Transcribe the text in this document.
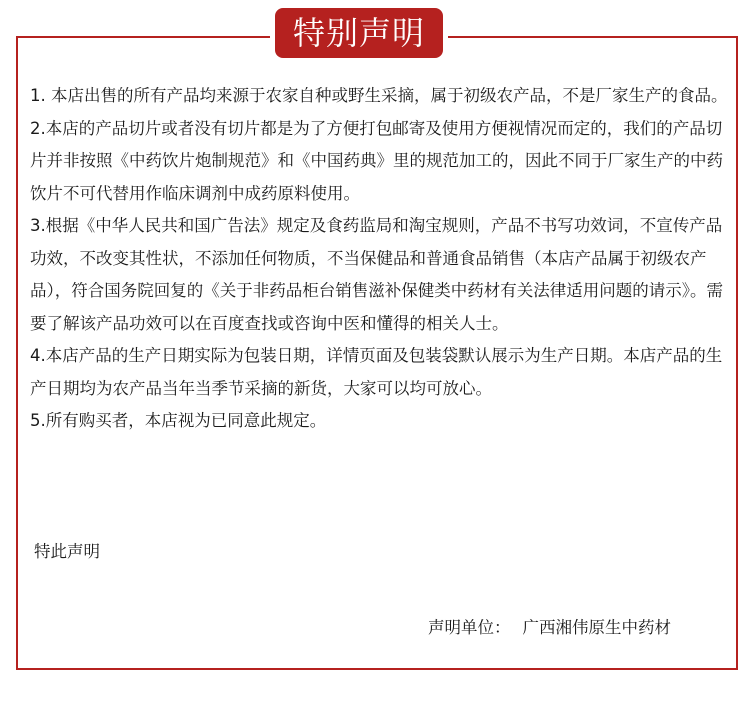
特别声明

1. 本店出售的所有产品均来源于农家自种或野生采摘，属于初级农产品，不是厂家生产的食品。

2.本店的产品切片或者没有切片都是为了方便打包邮寄及使用方便视情况而定的，我们的产品切片并非按照《中药饮片炮制规范》和《中国药典》里的规范加工的，因此不同于厂家生产的中药饮片不可代替用作临床调剂中成药原料使用。

3.根据《中华人民共和国广告法》规定及食药监局和淘宝规则，产品不书写功效词，不宣传产品功效，不改变其性状，不添加任何物质，不当保健品和普通食品销售（本店产品属于初级农产品），符合国务院回复的《关于非药品柜台销售滋补保健类中药材有关法律适用问题的请示》。需要了解该产品功效可以在百度查找或咨询中医和懂得的相关人士。

4.本店产品的生产日期实际为包装日期，详情页面及包装袋默认展示为生产日期。本店产品的生产日期均为农产品当年当季节采摘的新货，大家可以均可放心。

5.所有购买者，本店视为已同意此规定。

特此声明

声明单位： 广西湘伟原生中药材
